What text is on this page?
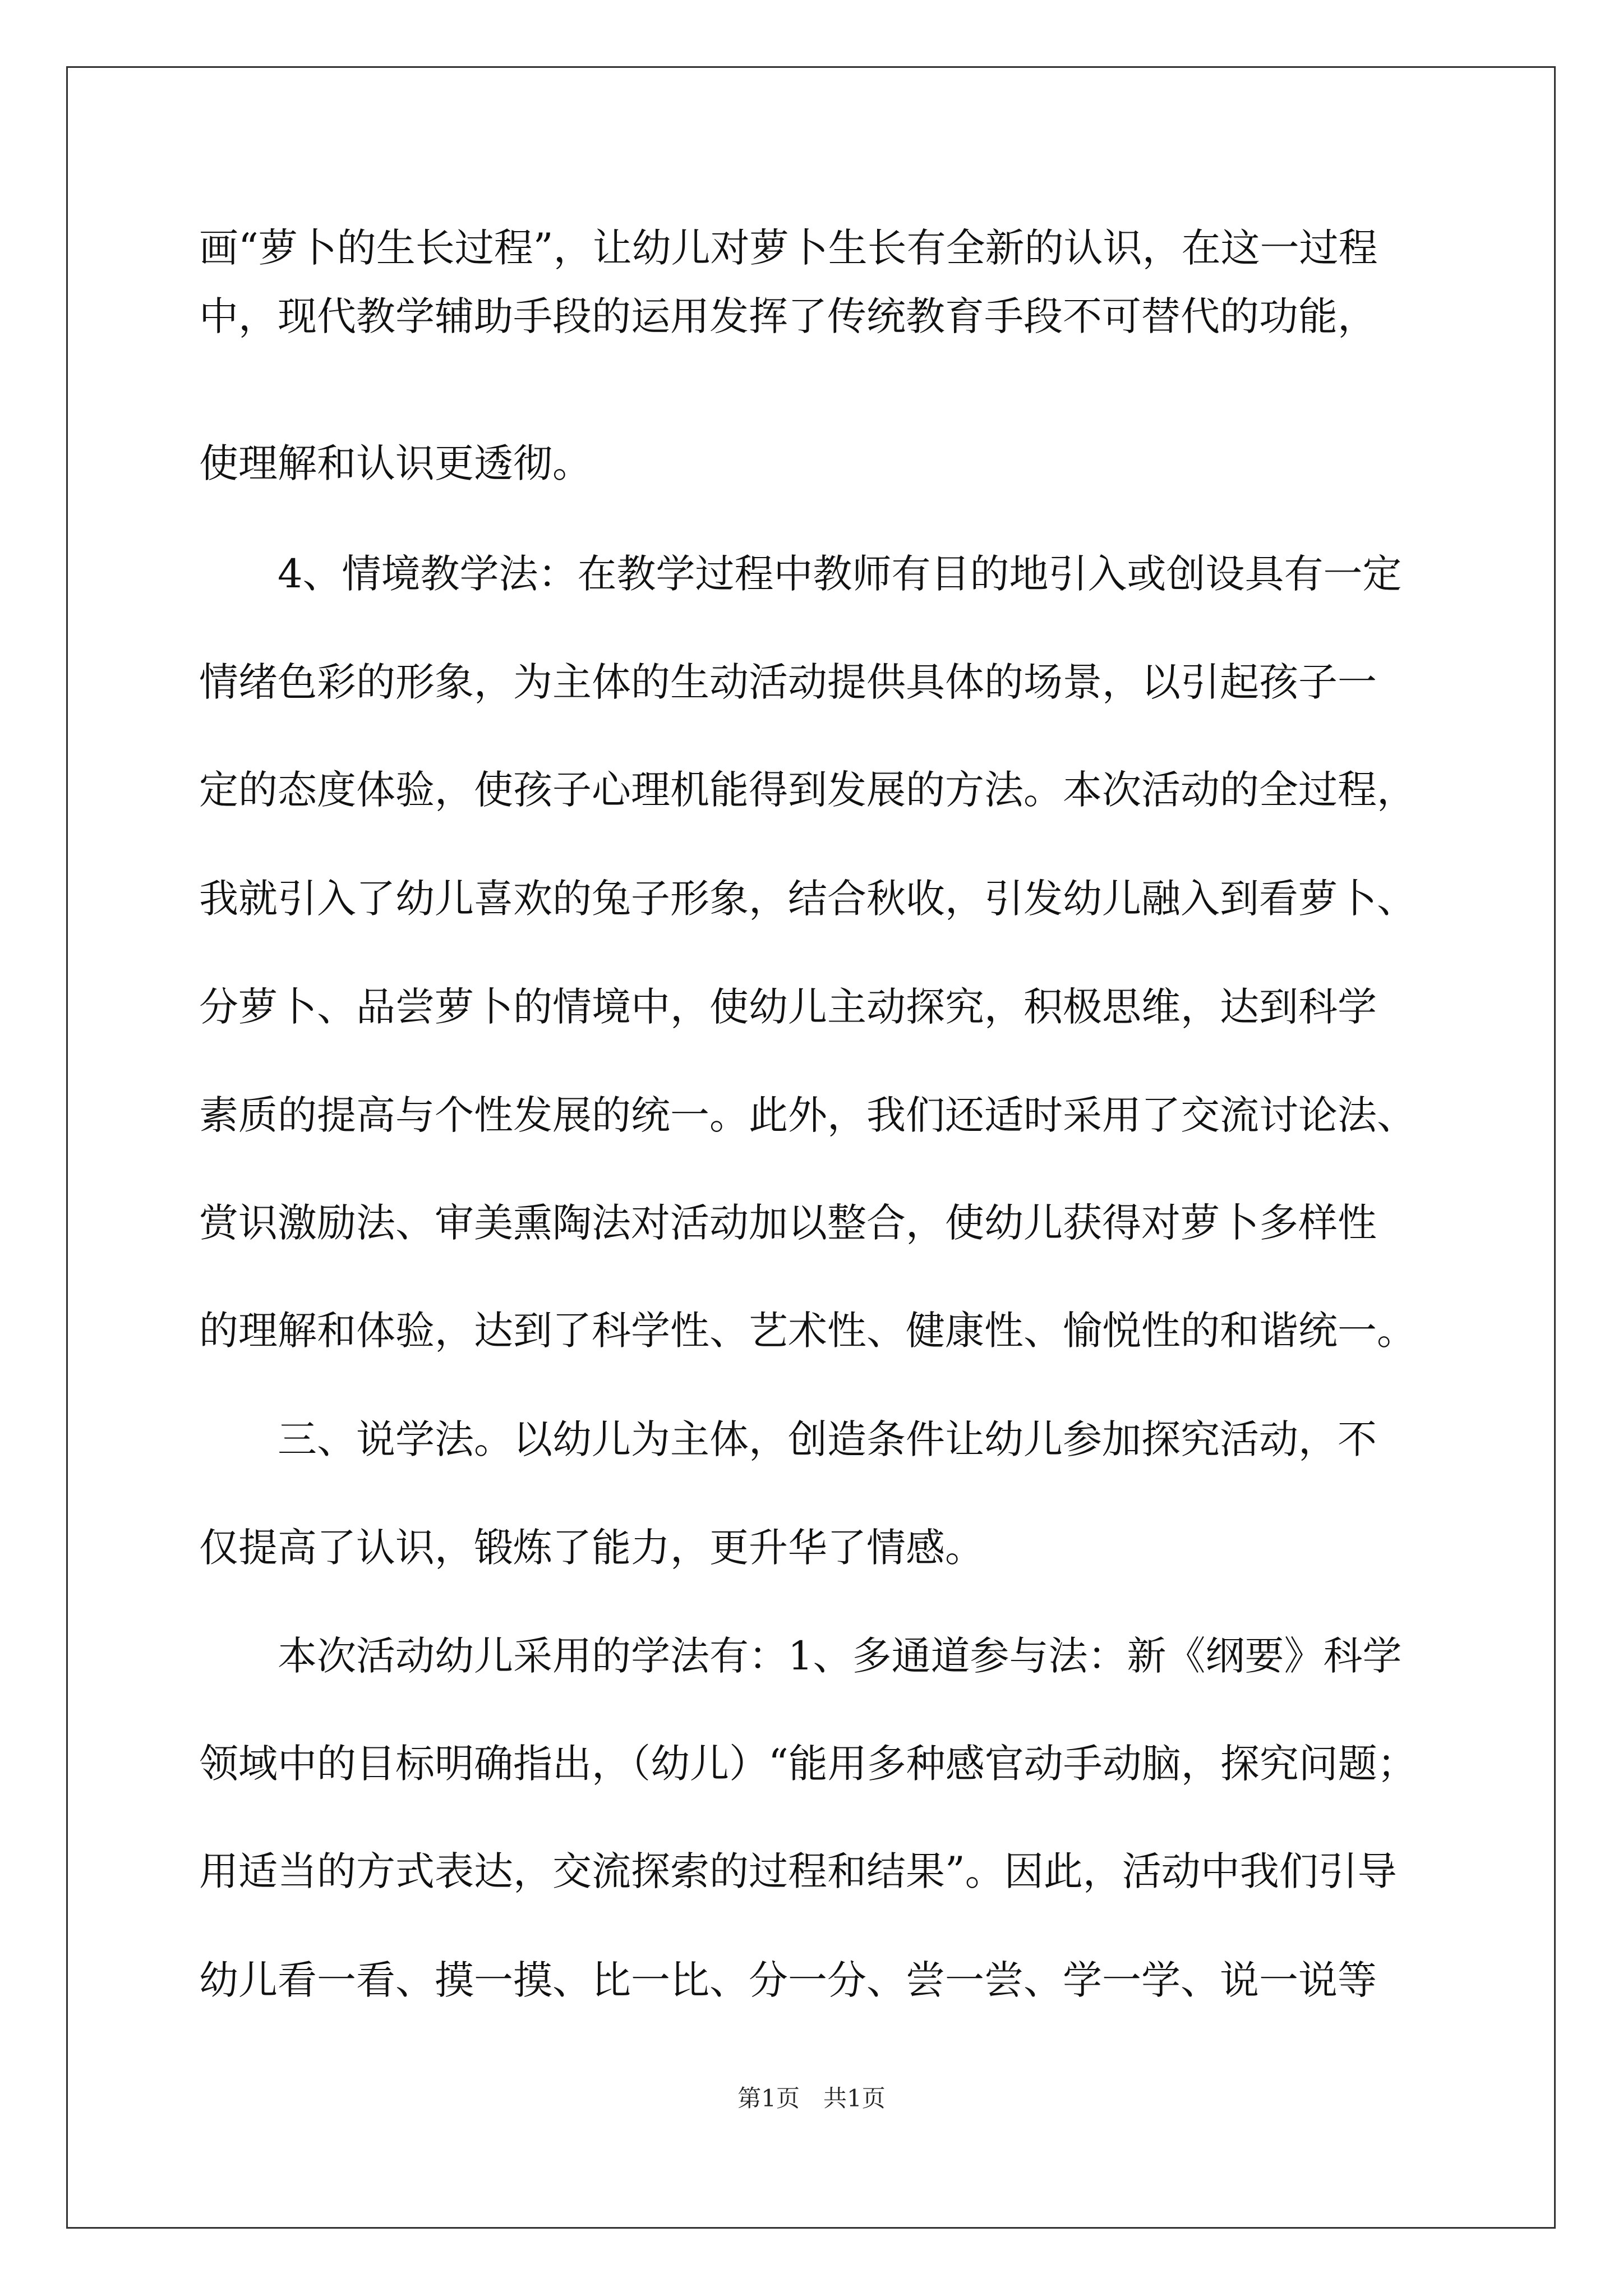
画“萝卜的生长过程”，让幼儿对萝卜生长有全新的认识，在这一过程
中，现代教学辅助手段的运用发挥了传统教育手段不可替代的功能，
使理解和认识更透彻。
　　4、情境教学法：在教学过程中教师有目的地引入或创设具有一定
情绪色彩的形象，为主体的生动活动提供具体的场景，以引起孩子一
定的态度体验，使孩子心理机能得到发展的方法。本次活动的全过程，
我就引入了幼儿喜欢的兔子形象，结合秋收，引发幼儿融入到看萝卜、
分萝卜、品尝萝卜的情境中，使幼儿主动探究，积极思维，达到科学
素质的提高与个性发展的统一。此外，我们还适时采用了交流讨论法、
赏识激励法、审美熏陶法对活动加以整合，使幼儿获得对萝卜多样性
的理解和体验，达到了科学性、艺术性、健康性、愉悦性的和谐统一。
　　三、说学法。以幼儿为主体，创造条件让幼儿参加探究活动，不
仅提高了认识，锻炼了能力，更升华了情感。
　　本次活动幼儿采用的学法有：1、多通道参与法：新《纲要》科学
领域中的目标明确指出，（幼儿）“能用多种感官动手动脑，探究问题；
用适当的方式表达，交流探索的过程和结果”。因此，活动中我们引导
幼儿看一看、摸一摸、比一比、分一分、尝一尝、学一学、说一说等
第1页　共1页
